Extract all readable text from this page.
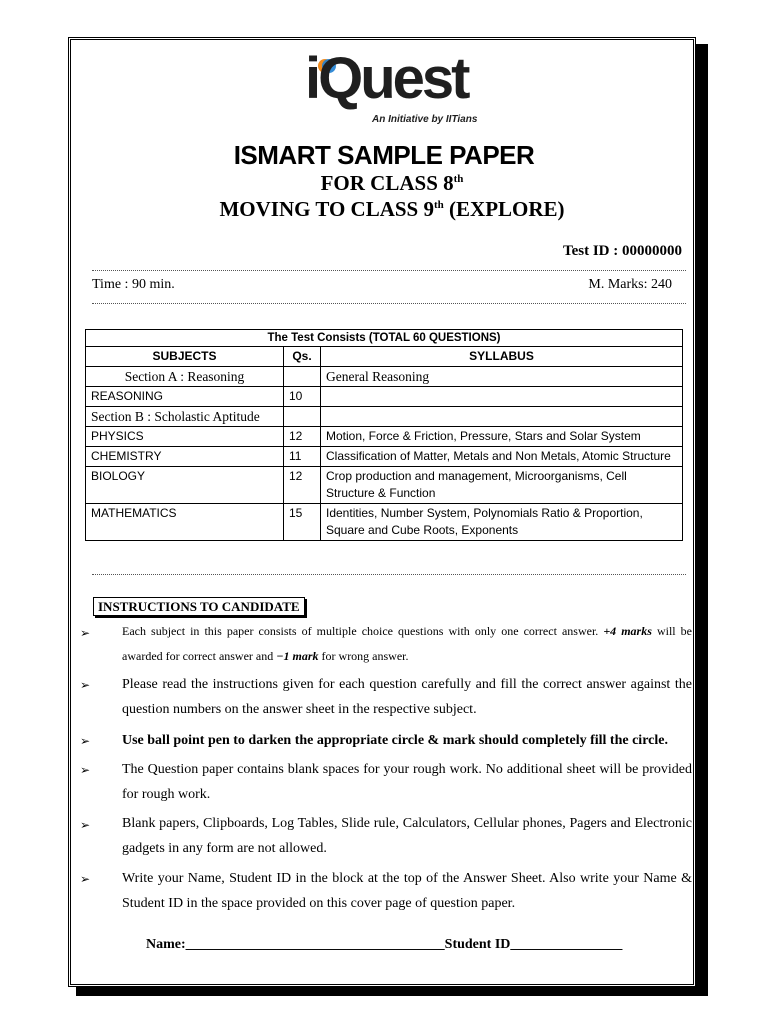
iQuest
An Initiative by IITians
ISMART SAMPLE PAPER
FOR CLASS 8th
MOVING TO CLASS 9th (EXPLORE)
Test ID : 00000000
Time : 90 min.	M. Marks: 240
The Test Consists (TOTAL 60 QUESTIONS)		
SUBJECTS	Qs.	SYLLABUS
Section A : Reasoning		General Reasoning
REASONING	10	
Section B : Scholastic Aptitude		
PHYSICS	12	Motion, Force & Friction, Pressure, Stars and Solar System
CHEMISTRY	11	Classification of Matter, Metals and Non Metals, Atomic Structure
BIOLOGY	12	Crop production and management, Microorganisms, Cell Structure & Function
MATHEMATICS	15	Identities, Number System, Polynomials Ratio & Proportion, Square and Cube Roots, Exponents
INSTRUCTIONS TO CANDIDATE
➢	Each subject in this paper consists of multiple choice questions with only one correct answer. +4 marks will be awarded for correct answer and −1 mark for wrong answer.
➢ Please read the instructions given for each question carefully and fill the correct answer against the question numbers on the answer sheet in the respective subject.
➢ Use ball point pen to darken the appropriate circle & mark should completely fill the circle.
➢ The Question paper contains blank spaces for your rough work. No additional sheet will be provided for rough work.
➢ Blank papers, Clipboards, Log Tables, Slide rule, Calculators, Cellular phones, Pagers and Electronic gadgets in any form are not allowed.
➢ Write your Name, Student ID in the block at the top of the Answer Sheet. Also write your Name & Student ID in the space provided on this cover page of question paper.
Name:_____________________________________Student ID________________
